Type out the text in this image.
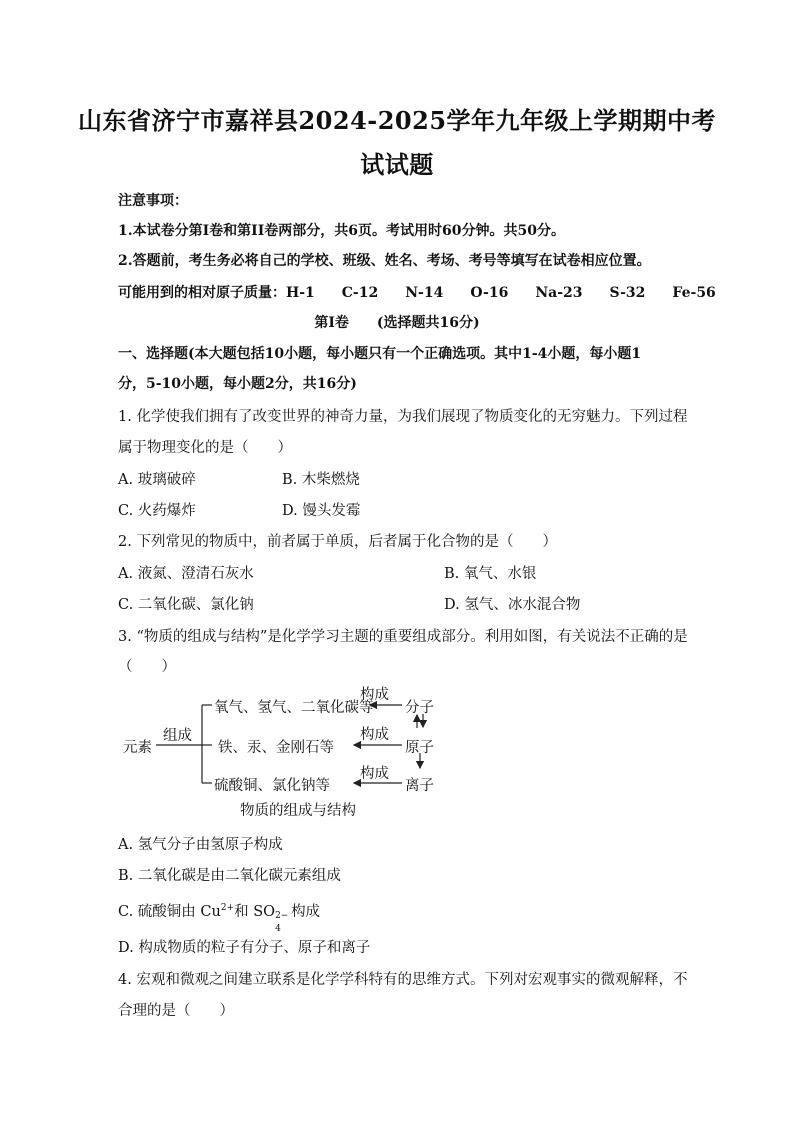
山东省济宁市嘉祥县2024-2025学年九年级上学期期中考
试试题
注意事项：
1.本试卷分第I卷和第II卷两部分，共6页。考试用时60分钟。共50分。
2.答题前，考生务必将自己的学校、班级、姓名、考场、考号等填写在试卷相应位置。
可能用到的相对原子质量：H-1 C-12 N-14 O-16 Na-23 S-32 Fe-56
第I卷　　(选择题共16分)
一、选择题(本大题包括10小题，每小题只有一个正确选项。其中1-4小题，每小题1
分，5-10小题，每小题2分，共16分)
1. 化学使我们拥有了改变世界的神奇力量，为我们展现了物质变化的无穷魅力。下列过程
属于物理变化的是（　　）
A. 玻璃破碎	B. 木柴燃烧
C. 火药爆炸	D. 馒头发霉
2. 下列常见的物质中，前者属于单质，后者属于化合物的是（　　）
A. 液氮、澄清石灰水	B. 氧气、水银
C. 二氧化碳、氯化钠	D. 氢气、冰水混合物
3. “物质的组成与结构”是化学学习主题的重要组成部分。利用如图，有关说法不正确的是
（　　）
元素
组成
氧气、氢气、二氧化碳等
铁、汞、金刚石等
硫酸铜、氯化钠等
构成
构成
构成
分子
原子
离子
物质的组成与结构
A. 氢气分子由氢原子构成
B. 二氧化碳是由二氧化碳元素组成
C. 硫酸铜由 $Cu^{2+}$和 SO 2−
4
构成
D. 构成物质的粒子有分子、原子和离子
4. 宏观和微观之间建立联系是化学学科特有的思维方式。下列对宏观事实的微观解释，不
合理的是（　　）
